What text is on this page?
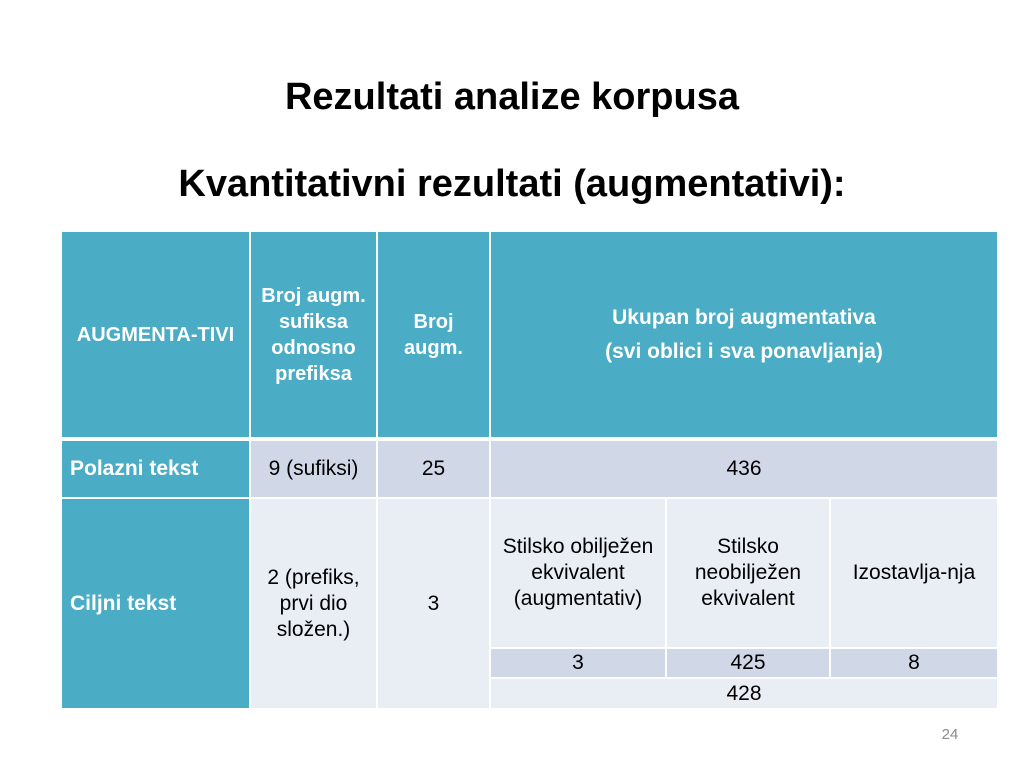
Rezultati analize korpusa
Kvantitativni rezultati (augmentativi):
AUGMENTA-TIVI	Broj augm. sufiksa odnosno prefiksa	Broj augm.	Ukupan broj augmentativa
(svi oblici i sva ponavljanja)		
Polazni tekst	9 (sufiksi)	25	436		
Ciljni tekst	2 (prefiks, prvi dio složen.)	3	Stilsko obilježen ekvivalent (augmentativ)	Stilsko neobilježen ekvivalent	Izostavlja-nja
			3	425	8
			428		
24
